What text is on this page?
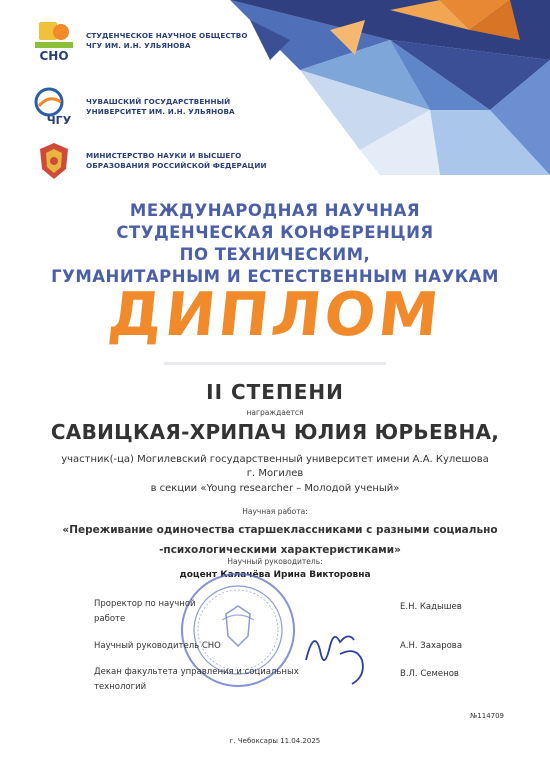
СНО
СТУДЕНЧЕСКОЕ НАУЧНОЕ ОБЩЕСТВО
ЧГУ ИМ. И.Н. УЛЬЯНОВА
ЧГУ
ЧУВАШСКИЙ ГОСУДАРСТВЕННЫЙ
УНИВЕРСИТЕТ ИМ. И.Н. УЛЬЯНОВА
МИНИСТЕРСТВО НАУКИ И ВЫСШЕГО
ОБРАЗОВАНИЯ РОССИЙСКОЙ ФЕДЕРАЦИИ
МЕЖДУНАРОДНАЯ НАУЧНАЯ
СТУДЕНЧЕСКАЯ КОНФЕРЕНЦИЯ
ПО ТЕХНИЧЕСКИМ,
ГУМАНИТАРНЫМ И ЕСТЕСТВЕННЫМ НАУКАМ
ДИПЛОМ
II СТЕПЕНИ
награждается
САВИЦКАЯ-ХРИПАЧ ЮЛИЯ ЮРЬЕВНА,
участник(-ца) Могилевский государственный университет имени А.А. Кулешова
г. Могилев
в секции «Young researcher – Молодой ученый»
Научная работа:
«Переживание одиночества старшеклассниками с разными социально
-психологическими характеристиками»
Научный руководитель:
доцент Калачёва Ирина Викторовна
Проректор по научной
работе
Е.Н. Кадышев
Научный руководитель СНО	А.Н. Захарова
Декан факультета управления и социальных
технологий
В.Л. Семенов
№114709
г. Чебоксары 11.04.2025
